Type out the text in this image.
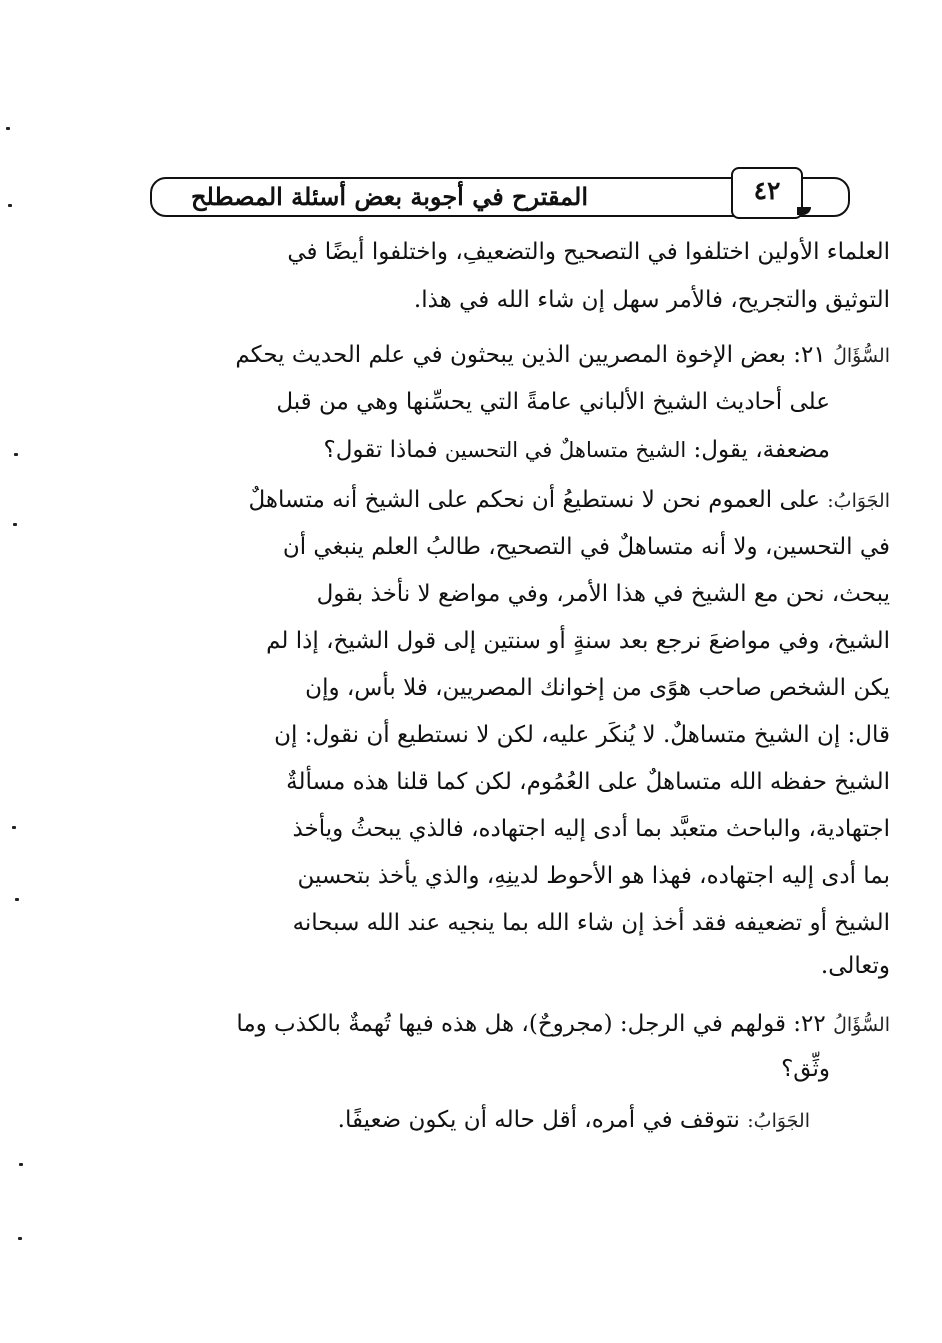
المقترح في أجوبة بعض أسئلة المصطلح	٤٢

العلماء الأولين اختلفوا في التصحيح والتضعيفِ، واختلفوا أيضًا في

التوثيق والتجريح، فالأمر سهل إن شاء الله في هذا.

السُّؤَالُ ٢١: بعض الإخوة المصريين الذين يبحثون في علم الحديث يحكم

على أحاديث الشيخ الألباني عامةً التي يحسِّنها وهي من قبل

مضعفة، يقول: الشيخ متساهلٌ في التحسين فماذا تقول؟

الجَوَابُ: على العموم نحن لا نستطيعُ أن نحكم على الشيخ أنه متساهلٌ

في التحسين، ولا أنه متساهلٌ في التصحيح، طالبُ العلم ينبغي أن

يبحث، نحن مع الشيخ في هذا الأمر، وفي مواضع لا نأخذ بقول

الشيخ، وفي مواضعَ نرجع بعد سنةٍ أو سنتين إلى قول الشيخ، إذا لم

يكن الشخص صاحب هوًى من إخوانك المصريين، فلا بأس، وإن

قال: إن الشيخ متساهلٌ. لا يُنكَر عليه، لكن لا نستطيع أن نقول: إن

الشيخ حفظه الله متساهلٌ على العُمُوم، لكن كما قلنا هذه مسألةٌ

اجتهادية، والباحث متعبَّد بما أدى إليه اجتهاده، فالذي يبحثُ ويأخذ

بما أدى إليه اجتهاده، فهذا هو الأحوط لدينِهِ، والذي يأخذ بتحسين

الشيخ أو تضعيفه فقد أخذ إن شاء الله بما ينجيه عند الله سبحانه

وتعالى.

السُّؤَالُ ٢٢: قولهم في الرجل: (مجروحٌ)، هل هذه فيها تُهمةٌ بالكذب وما

وثِّق؟

الجَوَابُ: نتوقف في أمره، أقل حاله أن يكون ضعيفًا.
